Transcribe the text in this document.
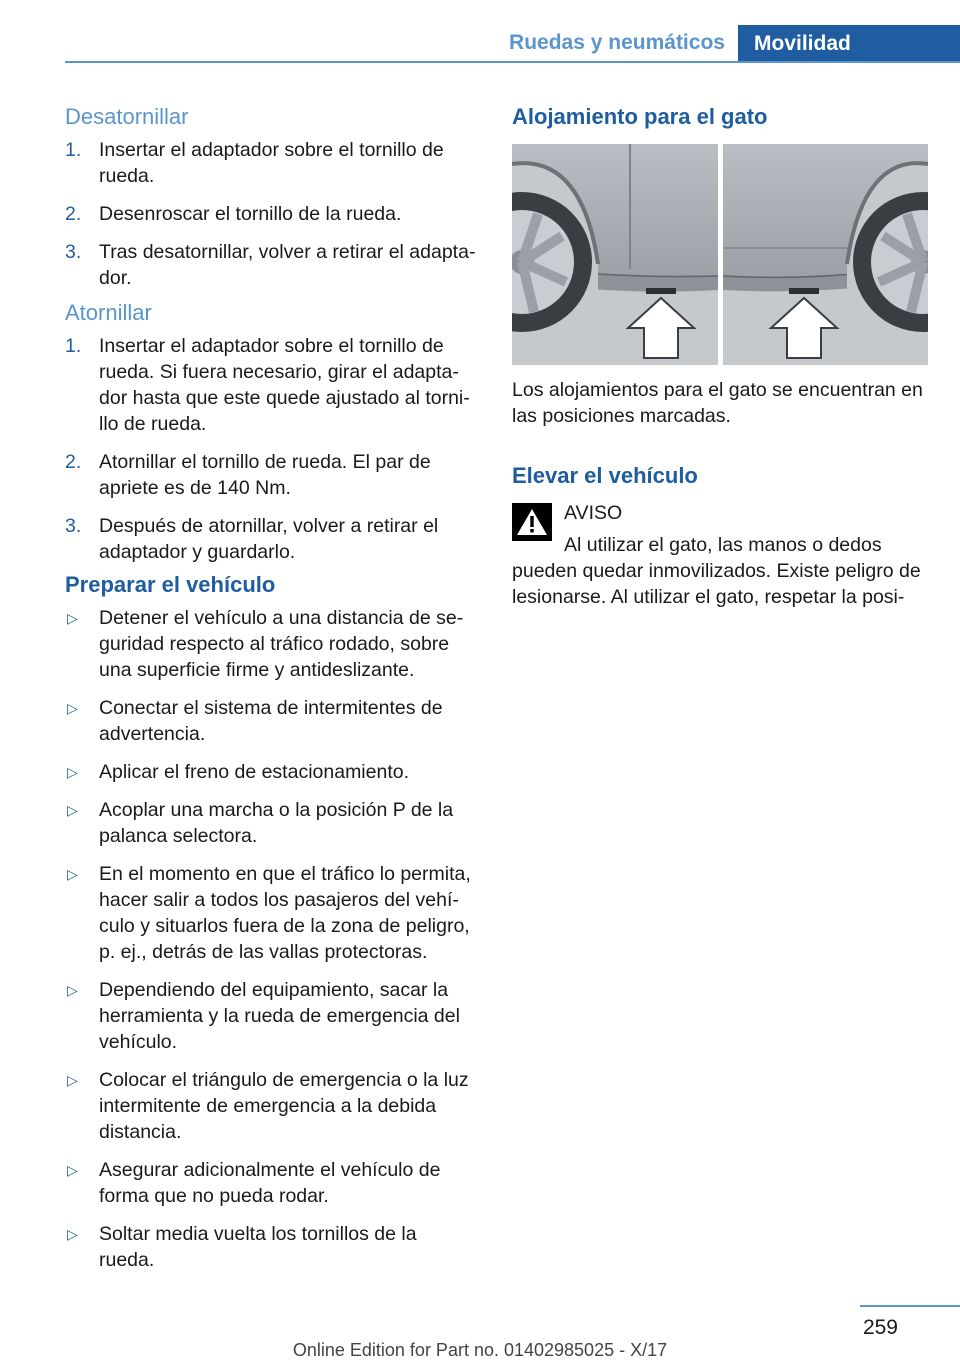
Ruedas y neumáticos	Movilidad
Desatornillar
1. Insertar el adaptador sobre el tornillo de rueda.
2. Desenroscar el tornillo de la rueda.
3. Tras desatornillar, volver a retirar el adaptador.
Atornillar
1. Insertar el adaptador sobre el tornillo de rueda. Si fuera necesario, girar el adaptador hasta que este quede ajustado al tornillo de rueda.
2. Atornillar el tornillo de rueda. El par de apriete es de 140 Nm.
3. Después de atornillar, volver a retirar el adaptador y guardarlo.
Preparar el vehículo
▷	Detener el vehículo a una distancia de seguridad respecto al tráfico rodado, sobre una superficie firme y antideslizante.
▷	Conectar el sistema de intermitentes de advertencia.
▷	Aplicar el freno de estacionamiento.
▷	Acoplar una marcha o la posición P de la palanca selectora.
▷	En el momento en que el tráfico lo permita, hacer salir a todos los pasajeros del vehículo y situarlos fuera de la zona de peligro, p. ej., detrás de las vallas protectoras.
▷	Dependiendo del equipamiento, sacar la herramienta y la rueda de emergencia del vehículo.
▷	Colocar el triángulo de emergencia o la luz intermitente de emergencia a la debida distancia.
▷	Asegurar adicionalmente el vehículo de forma que no pueda rodar.
▷	Soltar media vuelta los tornillos de la rueda.
Alojamiento para el gato
Los alojamientos para el gato se encuentran en las posiciones marcadas.
Elevar el vehículo
AVISO
Al utilizar el gato, las manos o dedos
pueden quedar inmovilizados. Existe peligro de lesionarse. Al utilizar el gato, respetar la posi-
259
Online Edition for Part no. 01402985025 - X/17
